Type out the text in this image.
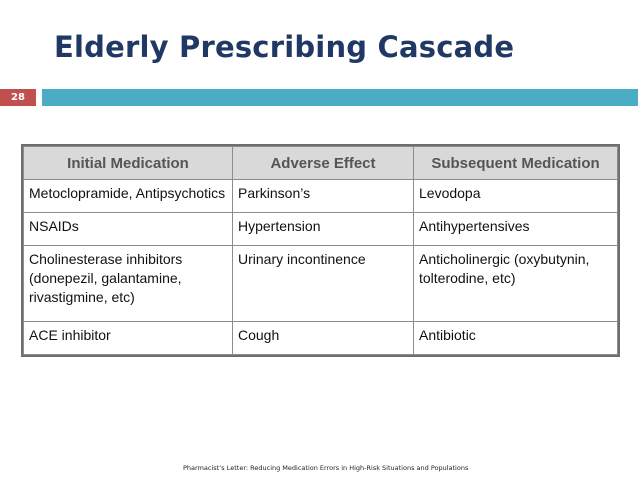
Elderly Prescribing Cascade
28
Initial Medication	Adverse Effect	Subsequent Medication
Metoclopramide, Antipsychotics	Parkinson’s	Levodopa
NSAIDs	Hypertension	Antihypertensives
Cholinesterase inhibitors (donepezil, galantamine, rivastigmine, etc)	Urinary incontinence	Anticholinergic (oxybutynin, tolterodine, etc)
ACE inhibitor	Cough	Antibiotic
Pharmacist’s Letter: Reducing Medication Errors in High-Risk Situations and Populations
